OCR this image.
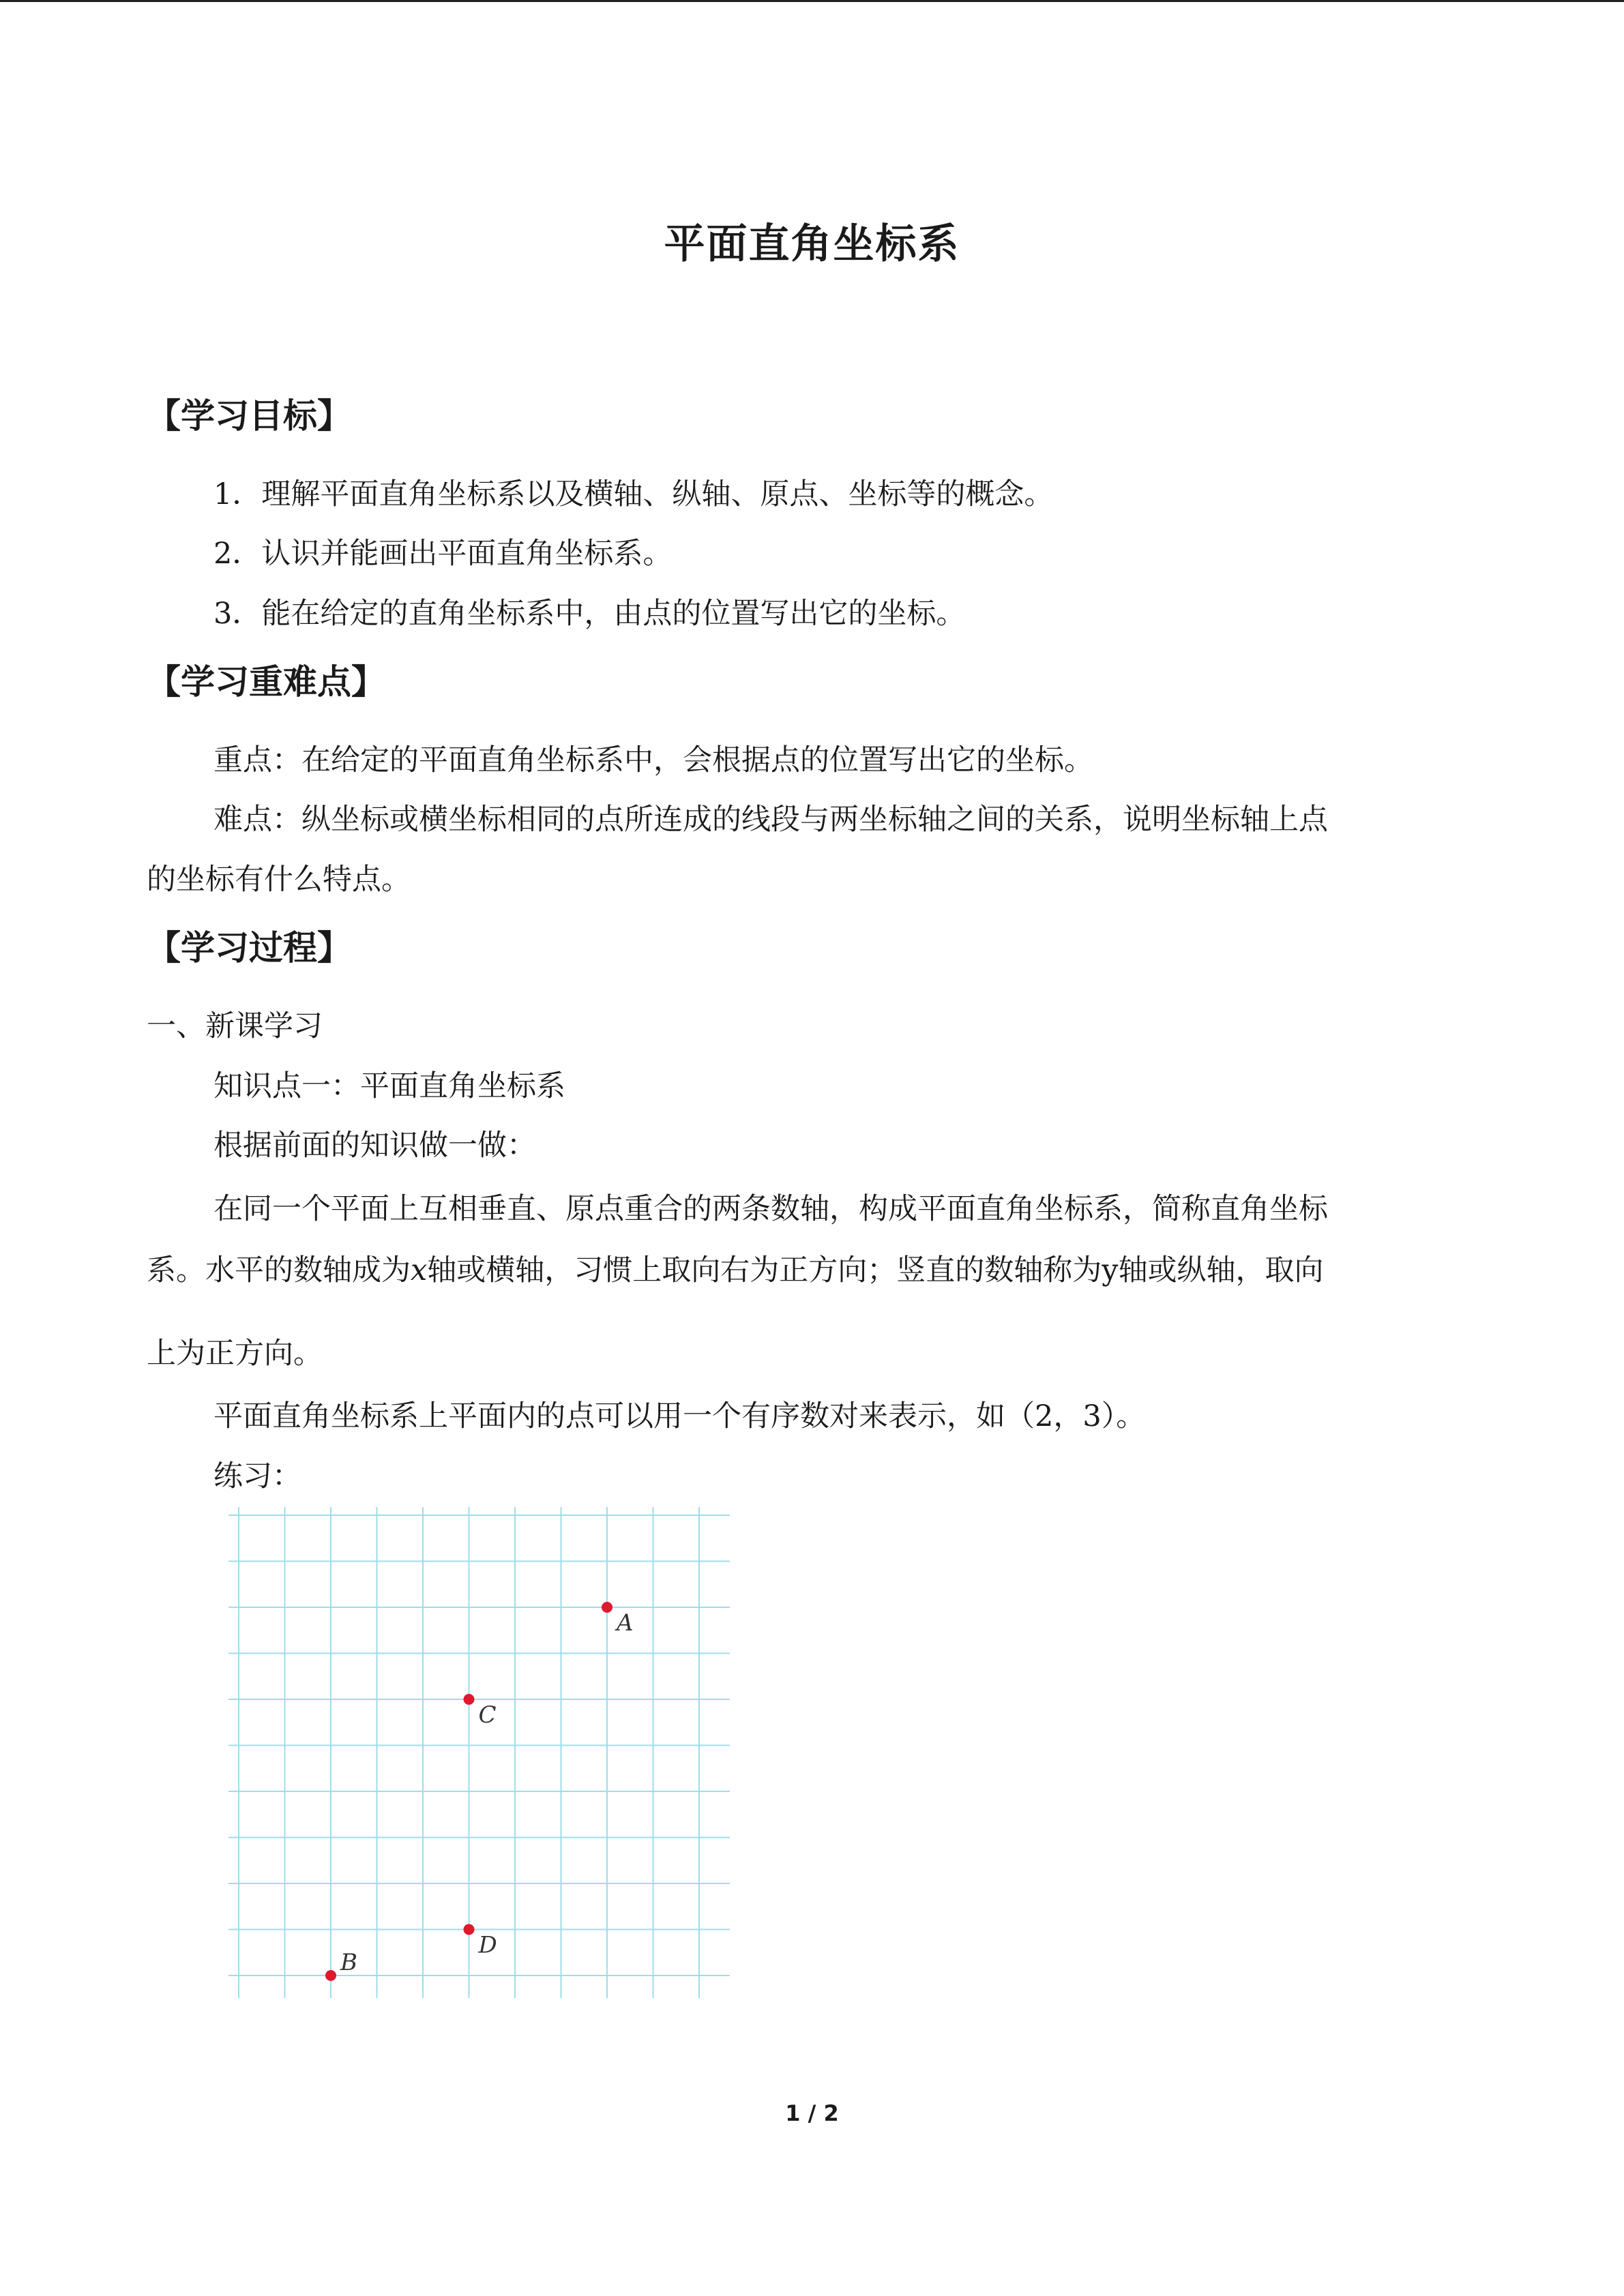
平面直角坐标系
【学习目标】
1．理解平面直角坐标系以及横轴、纵轴、原点、坐标等的概念。
2．认识并能画出平面直角坐标系。
3．能在给定的直角坐标系中，由点的位置写出它的坐标。
【学习重难点】
重点：在给定的平面直角坐标系中，会根据点的位置写出它的坐标。
难点：纵坐标或横坐标相同的点所连成的线段与两坐标轴之间的关系，说明坐标轴上点
的坐标有什么特点。
【学习过程】
一、新课学习
知识点一：平面直角坐标系
根据前面的知识做一做：
在同一个平面上互相垂直、原点重合的两条数轴，构成平面直角坐标系，简称直角坐标
系。水平的数轴成为x轴或横轴，习惯上取向右为正方向；竖直的数轴称为y轴或纵轴，取向
上为正方向。
平面直角坐标系上平面内的点可以用一个有序数对来表示，如（2，3）。
练习：
A
C
D
B
1 / 2
